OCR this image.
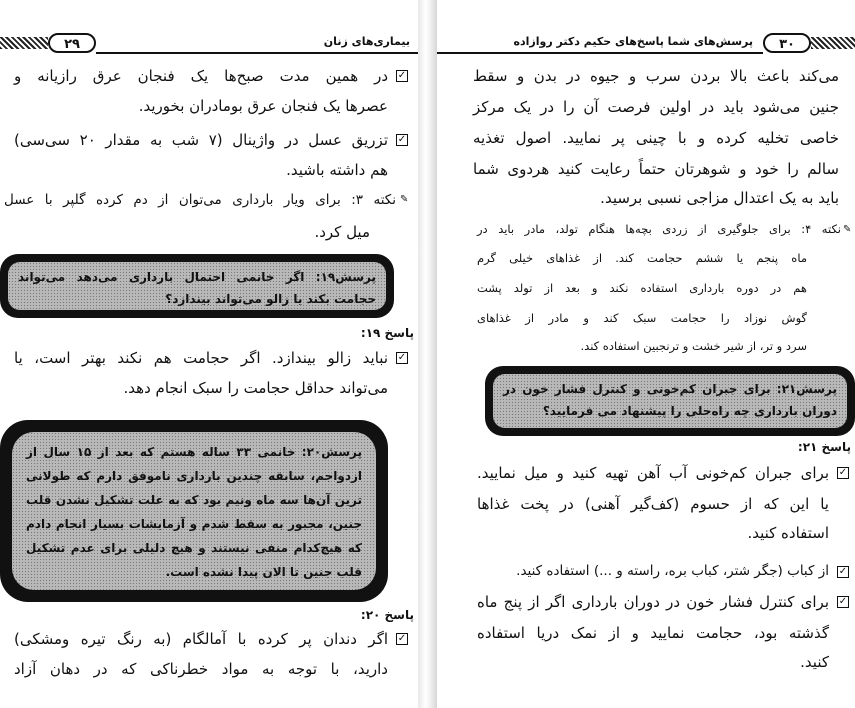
۲۹	بیماری‌های زنان
✓
در همین مدت صبح‌ها یک فنجان عرق رازیانه و
عصرها یک فنجان عرق بومادران بخورید.
✓
تزریق عسل در واژینال (۷ شب به مقدار ۲۰ سی‌سی)
هم داشته باشید.
✎
نکته ۳: برای ویار بارداری می‌توان از دم کرده گلپر با عسل
میل کرد.
پرسش۱۹: اگر خانمی احتمال بارداری می‌دهد می‌تواند حجامت بکند یا زالو می‌تواند بیندازد؟
پاسخ ۱۹:
✓
نباید زالو بیندازد. اگر حجامت هم نکند بهتر است، یا
می‌تواند حداقل حجامت را سبک انجام دهد.
پرسش۲۰: خانمی ۳۳ ساله هستم که بعد از ۱۵ سال از ازدواجم، سابقه چندین بارداری ناموفق دارم که طولانی ترین آن‌ها سه ماه ونیم بود که به علت تشکیل نشدن قلب جنین، مجبور به سقط شدم و آزمایشات بسیار انجام دادم که هیچ‌کدام منفی نیستند و هیچ دلیلی برای عدم تشکیل قلب جنین تا الان پیدا نشده است.
پاسخ ۲۰:
✓
اگر دندان پر کرده با آمالگام (به رنگ تیره ومشکی)
دارید، با توجه به مواد خطرناکی که در دهان آزاد
پرسش‌های شما پاسخ‌های حکیم دکتر روازاده	۳۰
می‌کند باعث بالا بردن سرب و جیوه در بدن و سقط
جنین می‌شود باید در اولین فرصت آن را در یک مرکز
خاصی تخلیه کرده و با چینی پر نمایید. اصول تغذیه
سالم را خود و شوهرتان حتماً رعایت کنید هردوی شما
باید به یک اعتدال مزاجی نسبی برسید.
✎
نکته ۴: برای جلوگیری از زردی بچه‌ها هنگام تولد، مادر باید در
ماه پنجم یا ششم حجامت کند. از غذاهای خیلی گرم
هم در دوره بارداری استفاده نکند و بعد از تولد پشت
گوش نوزاد را حجامت سبک کند و مادر از غذاهای
سرد و تر، از شیر خشت و ترنجبین استفاده کند.
پرسش۲۱: برای جبران کم‌خونی و کنترل فشار خون در دوران بارداری چه راه‌حلی را پیشنهاد می فرمایید؟
پاسخ ۲۱:
✓
برای جبران کم‌خونی آب آهن تهیه کنید و میل نمایید.
یا این که از حسوم (کف‌گیر آهنی) در پخت غذاها
استفاده کنید.
✓
از کباب (جگر شتر، کباب بره، راسته و ...) استفاده کنید.
✓
برای کنترل فشار خون در دوران بارداری اگر از پنج ماه
گذشته بود، حجامت نمایید و از نمک دریا استفاده
کنید.
